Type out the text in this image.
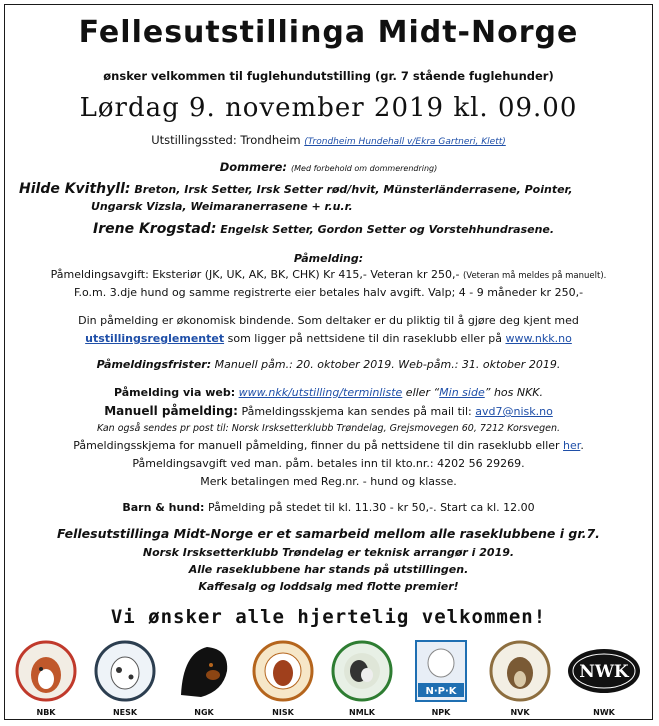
Fellesutstillinga Midt-Norge
ønsker velkommen til fuglehundutstilling (gr. 7 stående fuglehunder)
Lørdag 9. november 2019 kl. 09.00
Utstillingssted: Trondheim (Trondheim Hundehall v/Ekra Gartneri, Klett)
Dommere: (Med forbehold om dommerendring)
Hilde Kvithyll: Breton, Irsk Setter, Irsk Setter rød/hvit, Münsterländerrasene, Pointer,
Ungarsk Vizsla, Weimaranerrasene + r.u.r.
Irene Krogstad: Engelsk Setter, Gordon Setter og Vorstehhundrasene.
Påmelding:
Påmeldingsavgift: Eksteriør (JK, UK, AK, BK, CHK) Kr 415,- Veteran kr 250,- (Veteran må meldes på manuelt).
F.o.m. 3.dje hund og samme registrerte eier betales halv avgift. Valp; 4 - 9 måneder kr 250,-
Din påmelding er økonomisk bindende. Som deltaker er du pliktig til å gjøre deg kjent med
utstillingsreglementet som ligger på nettsidene til din raseklubb eller på www.nkk.no
Påmeldingsfrister: Manuell påm.: 20. oktober 2019. Web-påm.: 31. oktober 2019.
Påmelding via web: www.nkk/utstilling/terminliste eller “Min side” hos NKK.
Manuell påmelding: Påmeldingsskjema kan sendes på mail til: avd7@nisk.no
Kan også sendes pr post til: Norsk Irsksetterklubb Trøndelag, Grejsmovegen 60, 7212 Korsvegen.
Påmeldingsskjema for manuell påmelding, finner du på nettsidene til din raseklubb eller her.
Påmeldingsavgift ved man. påm. betales inn til kto.nr.: 4202 56 29269.
Merk betalingen med Reg.nr. - hund og klasse.
Barn & hund: Påmelding på stedet til kl. 11.30 - kr 50,-. Start ca kl. 12.00
Fellesutstillinga Midt-Norge er et samarbeid mellom alle raseklubbene i gr.7.
Norsk Irsksetterklubb Trøndelag er teknisk arrangør i 2019.
Alle raseklubbene har stands på utstillingen.
Kaffesalg og loddsalg med flotte premier!
Vi ønsker alle hjertelig velkommen!
NBK	NESK	NGK	NISK	NMLK
N·P·K
NPK	NVK
NWK
NWK
